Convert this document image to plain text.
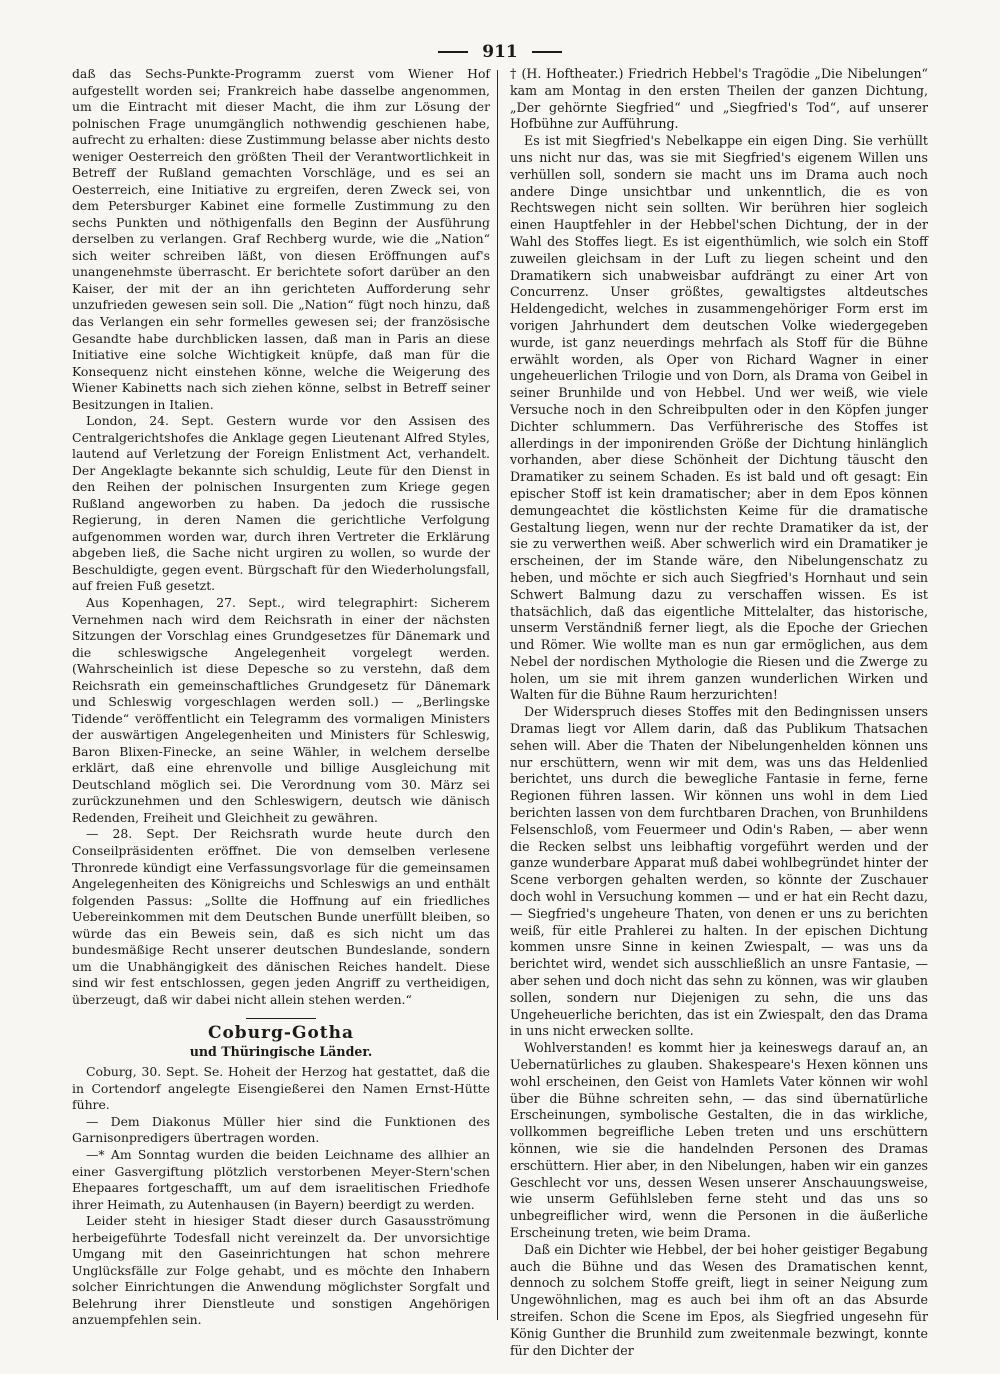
911

daß das Sechs-Punkte-Programm zuerst vom Wiener Hof aufgestellt worden sei; Frankreich habe dasselbe angenommen, um die Eintracht mit dieser Macht, die ihm zur Lösung der polnischen Frage unumgänglich nothwendig geschienen habe, aufrecht zu erhalten: diese Zustimmung belasse aber nichts desto weniger Oesterreich den größten Theil der Verantwortlichkeit in Betreff der Rußland gemachten Vorschläge, und es sei an Oesterreich, eine Initiative zu ergreifen, deren Zweck sei, von dem Petersburger Kabinet eine formelle Zustimmung zu den sechs Punkten und nöthigenfalls den Beginn der Ausführung derselben zu verlangen. Graf Rechberg wurde, wie die „Nation“ sich weiter schreiben läßt, von diesen Eröffnungen auf's unangenehmste überrascht. Er berichtete sofort darüber an den Kaiser, der mit der an ihn gerichteten Aufforderung sehr unzufrieden gewesen sein soll. Die „Nation“ fügt noch hinzu, daß das Verlangen ein sehr formelles gewesen sei; der französische Gesandte habe durchblicken lassen, daß man in Paris an diese Initiative eine solche Wichtigkeit knüpfe, daß man für die Konsequenz nicht einstehen könne, welche die Weigerung des Wiener Kabinetts nach sich ziehen könne, selbst in Betreff seiner Besitzungen in Italien.

London, 24. Sept. Gestern wurde vor den Assisen des Centralgerichtshofes die Anklage gegen Lieutenant Alfred Styles, lautend auf Verletzung der Foreign Enlistment Act, verhandelt. Der Angeklagte bekannte sich schuldig, Leute für den Dienst in den Reihen der polnischen Insurgenten zum Kriege gegen Rußland angeworben zu haben. Da jedoch die russische Regierung, in deren Namen die gerichtliche Verfolgung aufgenommen worden war, durch ihren Vertreter die Erklärung abgeben ließ, die Sache nicht urgiren zu wollen, so wurde der Beschuldigte, gegen event. Bürgschaft für den Wiederholungsfall, auf freien Fuß gesetzt.

Aus Kopenhagen, 27. Sept., wird telegraphirt: Sicherem Vernehmen nach wird dem Reichsrath in einer der nächsten Sitzungen der Vorschlag eines Grundgesetzes für Dänemark und die schleswigsche Angelegenheit vorgelegt werden. (Wahrscheinlich ist diese Depesche so zu verstehn, daß dem Reichsrath ein gemeinschaftliches Grundgesetz für Dänemark und Schleswig vorgeschlagen werden soll.) — „Berlingske Tidende“ veröffentlicht ein Telegramm des vormaligen Ministers der auswärtigen Angelegenheiten und Ministers für Schleswig, Baron Blixen-Finecke, an seine Wähler, in welchem derselbe erklärt, daß eine ehrenvolle und billige Ausgleichung mit Deutschland möglich sei. Die Verordnung vom 30. März sei zurückzunehmen und den Schleswigern, deutsch wie dänisch Redenden, Freiheit und Gleichheit zu gewähren.

— 28. Sept. Der Reichsrath wurde heute durch den Conseilpräsidenten eröffnet. Die von demselben verlesene Thronrede kündigt eine Verfassungsvorlage für die gemeinsamen Angelegenheiten des Königreichs und Schleswigs an und enthält folgenden Passus: „Sollte die Hoffnung auf ein friedliches Uebereinkommen mit dem Deutschen Bunde unerfüllt bleiben, so würde das ein Beweis sein, daß es sich nicht um das bundesmäßige Recht unserer deutschen Bundeslande, sondern um die Unabhängigkeit des dänischen Reiches handelt. Diese sind wir fest entschlossen, gegen jeden Angriff zu vertheidigen, überzeugt, daß wir dabei nicht allein stehen werden.“

Coburg-Gotha
und Thüringische Länder.

Coburg, 30. Sept. Se. Hoheit der Herzog hat gestattet, daß die in Cortendorf angelegte Eisengießerei den Namen Ernst-Hütte führe.

— Dem Diakonus Müller hier sind die Funktionen des Garnisonpredigers übertragen worden.

—* Am Sonntag wurden die beiden Leichname des allhier an einer Gasvergiftung plötzlich verstorbenen Meyer-Stern'schen Ehepaares fortgeschafft, um auf dem israelitischen Friedhofe ihrer Heimath, zu Autenhausen (in Bayern) beerdigt zu werden.

Leider steht in hiesiger Stadt dieser durch Gasausströmung herbeigeführte Todesfall nicht vereinzelt da. Der unvorsichtige Umgang mit den Gaseinrichtungen hat schon mehrere Unglücksfälle zur Folge gehabt, und es möchte den Inhabern solcher Einrichtungen die Anwendung möglichster Sorgfalt und Belehrung ihrer Dienstleute und sonstigen Angehörigen anzuempfehlen sein.

† (H. Hoftheater.) Friedrich Hebbel's Tragödie „Die Nibelungen“ kam am Montag in den ersten Theilen der ganzen Dichtung, „Der gehörnte Siegfried“ und „Siegfried's Tod“, auf unserer Hofbühne zur Aufführung.

Es ist mit Siegfried's Nebelkappe ein eigen Ding. Sie verhüllt uns nicht nur das, was sie mit Siegfried's eigenem Willen uns verhüllen soll, sondern sie macht uns im Drama auch noch andere Dinge unsichtbar und unkenntlich, die es von Rechtswegen nicht sein sollten. Wir berühren hier sogleich einen Hauptfehler in der Hebbel'schen Dichtung, der in der Wahl des Stoffes liegt. Es ist eigenthümlich, wie solch ein Stoff zuweilen gleichsam in der Luft zu liegen scheint und den Dramatikern sich unabweisbar aufdrängt zu einer Art von Concurrenz. Unser größtes, gewaltigstes altdeutsches Heldengedicht, welches in zusammengehöriger Form erst im vorigen Jahrhundert dem deutschen Volke wiedergegeben wurde, ist ganz neuerdings mehrfach als Stoff für die Bühne erwählt worden, als Oper von Richard Wagner in einer ungeheuerlichen Trilogie und von Dorn, als Drama von Geibel in seiner Brunhilde und von Hebbel. Und wer weiß, wie viele Versuche noch in den Schreibpulten oder in den Köpfen junger Dichter schlummern. Das Verführerische des Stoffes ist allerdings in der imponirenden Größe der Dichtung hinlänglich vorhanden, aber diese Schönheit der Dichtung täuscht den Dramatiker zu seinem Schaden. Es ist bald und oft gesagt: Ein epischer Stoff ist kein dramatischer; aber in dem Epos können demungeachtet die köstlichsten Keime für die dramatische Gestaltung liegen, wenn nur der rechte Dramatiker da ist, der sie zu verwerthen weiß. Aber schwerlich wird ein Dramatiker je erscheinen, der im Stande wäre, den Nibelungenschatz zu heben, und möchte er sich auch Siegfried's Hornhaut und sein Schwert Balmung dazu zu verschaffen wissen. Es ist thatsächlich, daß das eigentliche Mittelalter, das historische, unserm Verständniß ferner liegt, als die Epoche der Griechen und Römer. Wie wollte man es nun gar ermöglichen, aus dem Nebel der nordischen Mythologie die Riesen und die Zwerge zu holen, um sie mit ihrem ganzen wunderlichen Wirken und Walten für die Bühne Raum herzurichten!

Der Widerspruch dieses Stoffes mit den Bedingnissen unsers Dramas liegt vor Allem darin, daß das Publikum Thatsachen sehen will. Aber die Thaten der Nibelungenhelden können uns nur erschüttern, wenn wir mit dem, was uns das Heldenlied berichtet, uns durch die bewegliche Fantasie in ferne, ferne Regionen führen lassen. Wir können uns wohl in dem Lied berichten lassen von dem furchtbaren Drachen, von Brunhildens Felsenschloß, vom Feuermeer und Odin's Raben, — aber wenn die Recken selbst uns leibhaftig vorgeführt werden und der ganze wunderbare Apparat muß dabei wohlbegründet hinter der Scene verborgen gehalten werden, so könnte der Zuschauer doch wohl in Versuchung kommen — und er hat ein Recht dazu, — Siegfried's ungeheure Thaten, von denen er uns zu berichten weiß, für eitle Prahlerei zu halten. In der epischen Dichtung kommen unsre Sinne in keinen Zwiespalt, — was uns da berichtet wird, wendet sich ausschließlich an unsre Fantasie, — aber sehen und doch nicht das sehn zu können, was wir glauben sollen, sondern nur Diejenigen zu sehn, die uns das Ungeheuerliche berichten, das ist ein Zwiespalt, den das Drama in uns nicht erwecken sollte.

Wohlverstanden! es kommt hier ja keineswegs darauf an, an Uebernatürliches zu glauben. Shakespeare's Hexen können uns wohl erscheinen, den Geist von Hamlets Vater können wir wohl über die Bühne schreiten sehn, — das sind übernatürliche Erscheinungen, symbolische Gestalten, die in das wirkliche, vollkommen begreifliche Leben treten und uns erschüttern können, wie sie die handelnden Personen des Dramas erschüttern. Hier aber, in den Nibelungen, haben wir ein ganzes Geschlecht vor uns, dessen Wesen unserer Anschauungsweise, wie unserm Gefühlsleben ferne steht und das uns so unbegreiflicher wird, wenn die Personen in die äußerliche Erscheinung treten, wie beim Drama.

Daß ein Dichter wie Hebbel, der bei hoher geistiger Begabung auch die Bühne und das Wesen des Dramatischen kennt, dennoch zu solchem Stoffe greift, liegt in seiner Neigung zum Ungewöhnlichen, mag es auch bei ihm oft an das Absurde streifen. Schon die Scene im Epos, als Siegfried ungesehn für König Gunther die Brunhild zum zweitenmale bezwingt, konnte für den Dichter der
